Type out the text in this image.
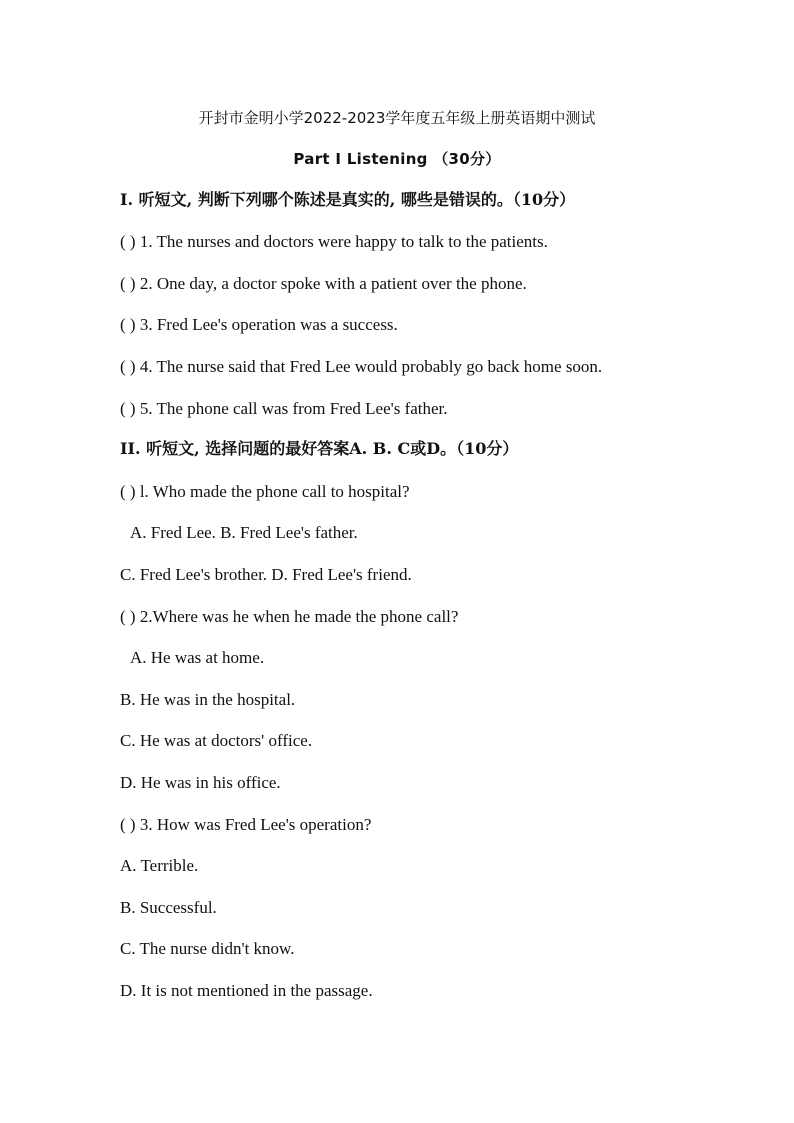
开封市金明小学2022-2023学年度五年级上册英语期中测试
Part I Listening （30分）
I. 听短文, 判断下列哪个陈述是真实的, 哪些是错误的。（10分）
( ) 1. The nurses and doctors were happy to talk to the patients.
( ) 2. One day, a doctor spoke with a patient over the phone.
( ) 3. Fred Lee's operation was a success.
( ) 4. The nurse said that Fred Lee would probably go back home soon.
( ) 5. The phone call was from Fred Lee's father.
II. 听短文, 选择问题的最好答案A. B. C或D。（10分）
( ) l. Who made the phone call to hospital?
A. Fred Lee. B. Fred Lee's father.
C. Fred Lee's brother. D. Fred Lee's friend.
( ) 2.Where was he when he made the phone call?
A. He was at home.
B. He was in the hospital.
C. He was at doctors' office.
D. He was in his office.
( ) 3. How was Fred Lee's operation?
A. Terrible.
B. Successful.
C. The nurse didn't know.
D. It is not mentioned in the passage.
